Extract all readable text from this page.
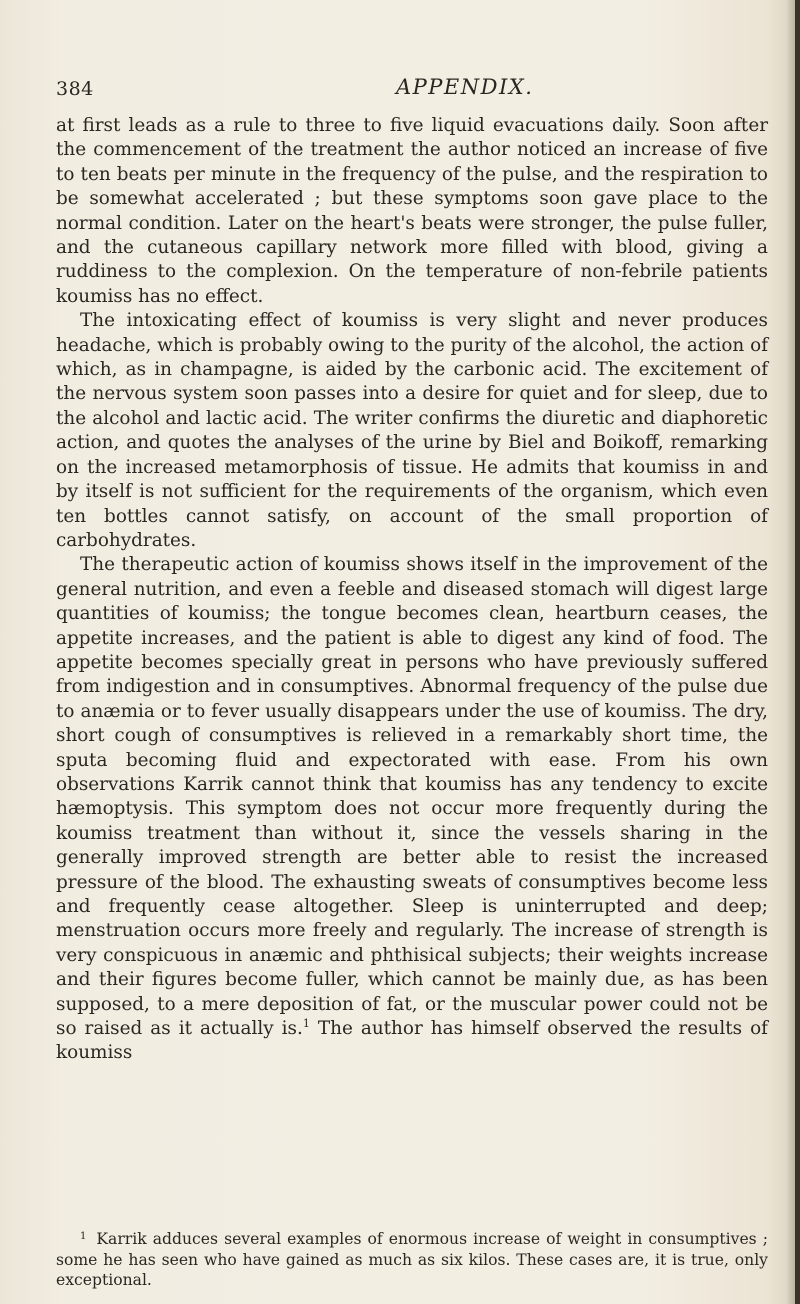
384	APPENDIX.

at first leads as a rule to three to five liquid evacuations daily. Soon after the commencement of the treatment the author noticed an increase of five to ten beats per minute in the frequency of the pulse, and the respiration to be somewhat accelerated ; but these symptoms soon gave place to the normal condition. Later on the heart's beats were stronger, the pulse fuller, and the cutaneous capillary network more filled with blood, giving a ruddiness to the complexion. On the temperature of non-febrile patients koumiss has no effect.

The intoxicating effect of koumiss is very slight and never produces headache, which is probably owing to the purity of the alcohol, the action of which, as in champagne, is aided by the carbonic acid. The excitement of the nervous system soon passes into a desire for quiet and for sleep, due to the alcohol and lactic acid. The writer confirms the diuretic and diaphoretic action, and quotes the analyses of the urine by Biel and Boikoff, remarking on the increased metamorphosis of tissue. He admits that koumiss in and by itself is not sufficient for the requirements of the organism, which even ten bottles cannot satisfy, on account of the small proportion of carbohydrates.

The therapeutic action of koumiss shows itself in the improvement of the general nutrition, and even a feeble and diseased stomach will digest large quantities of koumiss; the tongue becomes clean, heartburn ceases, the appetite increases, and the patient is able to digest any kind of food. The appetite becomes specially great in persons who have previously suffered from indigestion and in consumptives. Abnormal frequency of the pulse due to anæmia or to fever usually disappears under the use of koumiss. The dry, short cough of consumptives is relieved in a remarkably short time, the sputa becoming fluid and expectorated with ease. From his own observations Karrik cannot think that koumiss has any tendency to excite hæmoptysis. This symptom does not occur more frequently during the koumiss treatment than without it, since the vessels sharing in the generally improved strength are better able to resist the increased pressure of the blood. The exhausting sweats of consumptives become less and frequently cease altogether. Sleep is uninterrupted and deep; menstruation occurs more freely and regularly. The increase of strength is very conspicuous in anæmic and phthisical subjects; their weights increase and their figures become fuller, which cannot be mainly due, as has been supposed, to a mere deposition of fat, or the muscular power could not be so raised as it actually is.$^1$ The author has himself observed the results of koumiss

$^1$ Karrik adduces several examples of enormous increase of weight in consumptives ; some he has seen who have gained as much as six kilos. These cases are, it is true, only exceptional.
